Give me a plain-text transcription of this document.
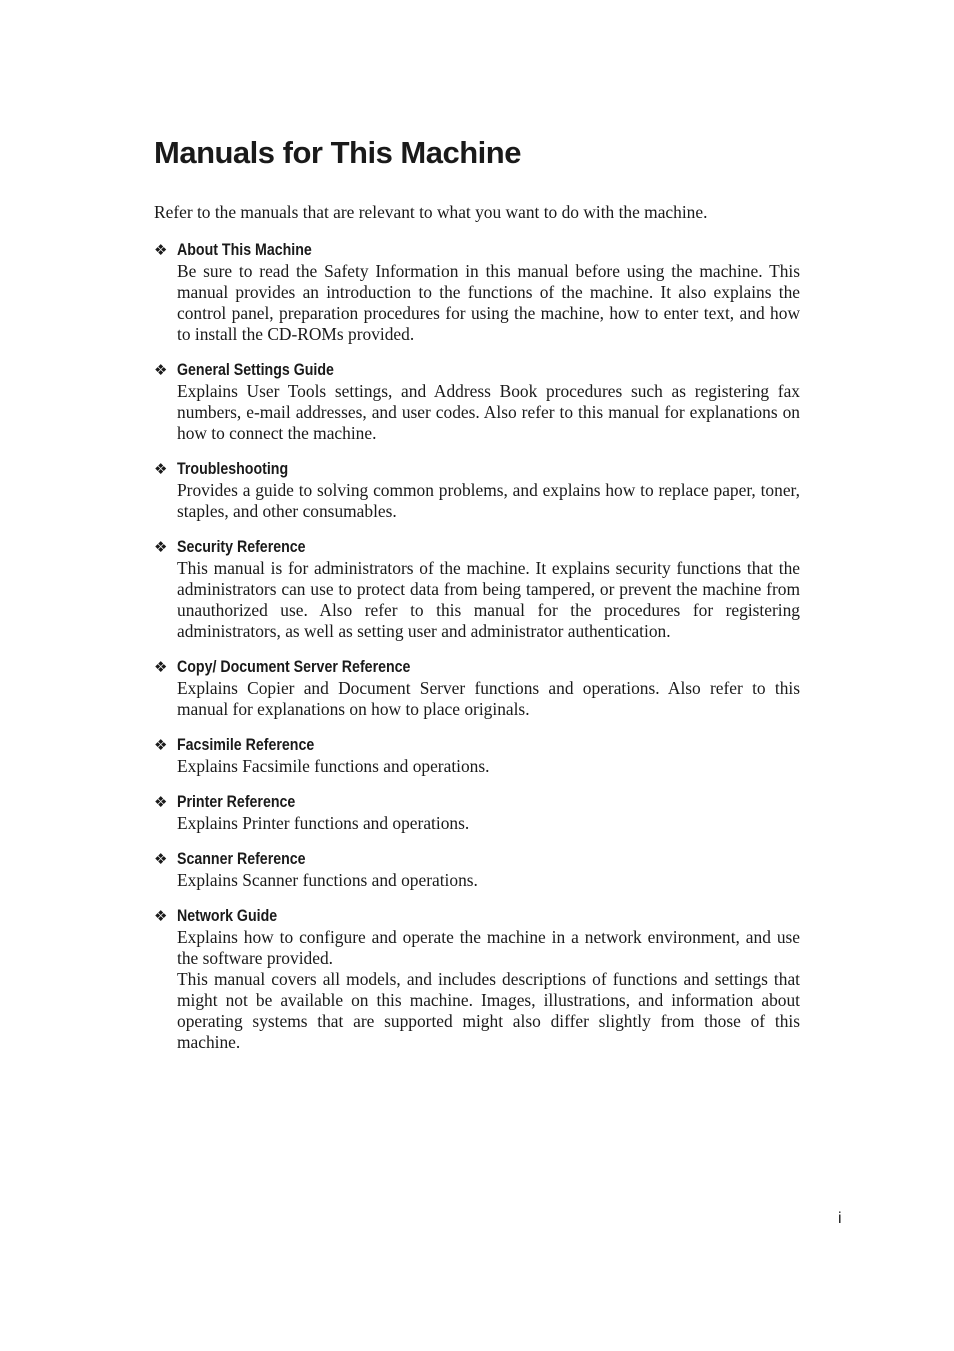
Manuals for This Machine

Refer to the manuals that are relevant to what you want to do with the machine.

❖ About This Machine

Be sure to read the Safety Information in this manual before using the machine. This manual provides an introduction to the functions of the machine. It also explains the control panel, preparation procedures for using the machine, how to enter text, and how to install the CD-ROMs provided.

❖ General Settings Guide

Explains User Tools settings, and Address Book procedures such as registering fax numbers, e-mail addresses, and user codes. Also refer to this manual for explanations on how to connect the machine.

❖ Troubleshooting

Provides a guide to solving common problems, and explains how to replace paper, toner, staples, and other consumables.

❖ Security Reference

This manual is for administrators of the machine. It explains security functions that the administrators can use to protect data from being tampered, or prevent the machine from unauthorized use. Also refer to this manual for the procedures for registering administrators, as well as setting user and administrator authentication.

❖ Copy/ Document Server Reference

Explains Copier and Document Server functions and operations. Also refer to this manual for explanations on how to place originals.

❖ Facsimile Reference

Explains Facsimile functions and operations.

❖ Printer Reference

Explains Printer functions and operations.

❖ Scanner Reference

Explains Scanner functions and operations.

❖ Network Guide

Explains how to configure and operate the machine in a network environment, and use the software provided.

This manual covers all models, and includes descriptions of functions and settings that might not be available on this machine. Images, illustrations, and information about operating systems that are supported might also differ slightly from those of this machine.

i
